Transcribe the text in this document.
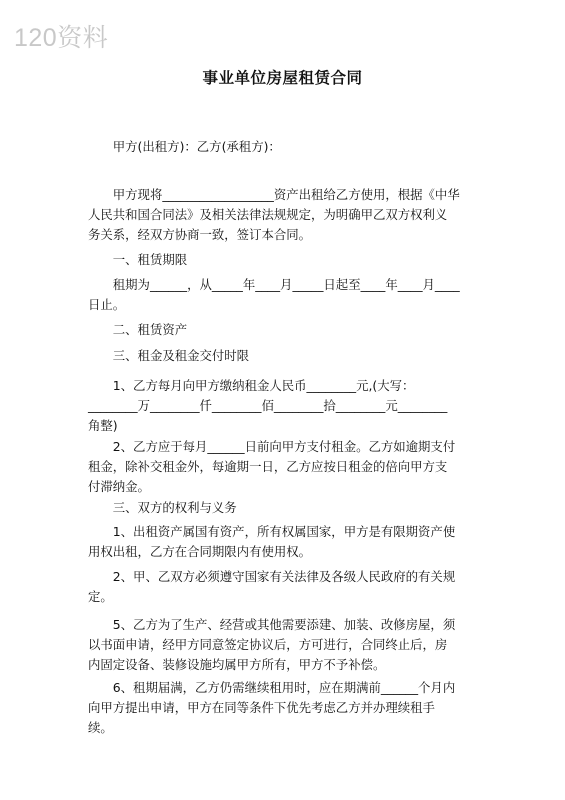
120资料
事业单位房屋租赁合同
　　甲方(出租方)：乙方(承租方)：
　　甲方现将__________________资产出租给乙方使用，根据《中华
人民共和国合同法》及相关法律法规规定，为明确甲乙双方权利义
务关系，经双方协商一致，签订本合同。
　　一、租赁期限
　　租期为______，从_____年____月_____日起至____年____月____
日止。
　　二、租赁资产
　　三、租金及租金交付时限
　　1、乙方每月向甲方缴纳租金人民币________元,(大写：
________万________仟________佰________拾________元________
角整)
　　2、乙方应于每月______日前向甲方支付租金。乙方如逾期支付
租金，除补交租金外，每逾期一日，乙方应按日租金的倍向甲方支
付滞纳金。
　　三、双方的权利与义务
　　1、出租资产属国有资产，所有权属国家，甲方是有限期资产使
用权出租，乙方在合同期限内有使用权。
　　2、甲、乙双方必须遵守国家有关法律及各级人民政府的有关规
定。
　　5、乙方为了生产、经营或其他需要添建、加装、改修房屋，须
以书面申请，经甲方同意签定协议后，方可进行，合同终止后，房
内固定设备、装修设施均属甲方所有，甲方不予补偿。
　　6、租期届满，乙方仍需继续租用时，应在期满前______个月内
向甲方提出申请，甲方在同等条件下优先考虑乙方并办理续租手
续。
